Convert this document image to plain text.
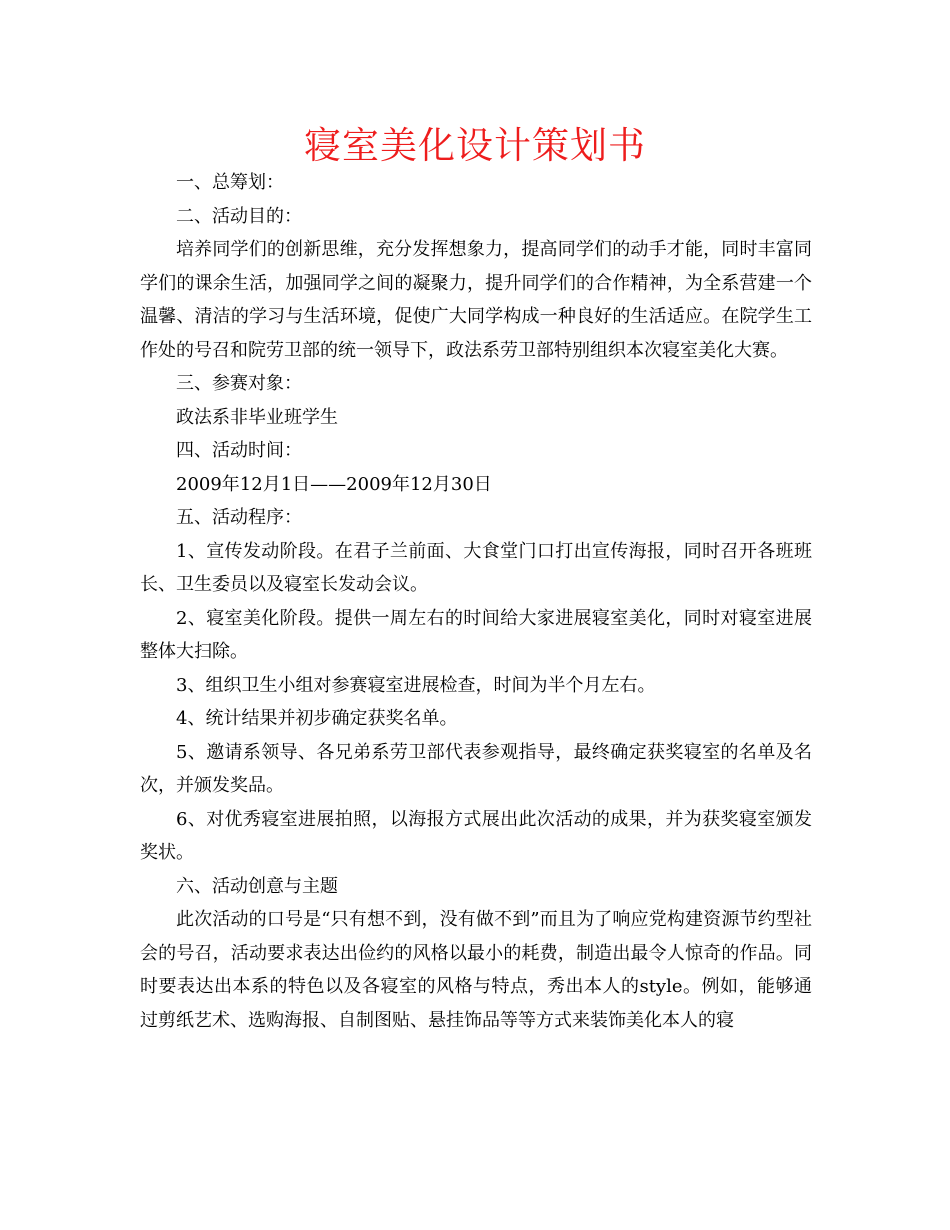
寝室美化设计策划书

一、总筹划：

二、活动目的：

培养同学们的创新思维，充分发挥想象力，提高同学们的动手才能，同时丰富同学们的课余生活，加强同学之间的凝聚力，提升同学们的合作精神，为全系营建一个温馨、清洁的学习与生活环境，促使广大同学构成一种良好的生活适应。在院学生工作处的号召和院劳卫部的统一领导下，政法系劳卫部特别组织本次寝室美化大赛。

三、参赛对象：

政法系非毕业班学生

四、活动时间：

2009年12月1日——2009年12月30日

五、活动程序：

1、宣传发动阶段。在君子兰前面、大食堂门口打出宣传海报，同时召开各班班长、卫生委员以及寝室长发动会议。

2、寝室美化阶段。提供一周左右的时间给大家进展寝室美化，同时对寝室进展整体大扫除。

3、组织卫生小组对参赛寝室进展检查，时间为半个月左右。

4、统计结果并初步确定获奖名单。

5、邀请系领导、各兄弟系劳卫部代表参观指导，最终确定获奖寝室的名单及名次，并颁发奖品。

6、对优秀寝室进展拍照，以海报方式展出此次活动的成果，并为获奖寝室颁发奖状。

六、活动创意与主题

此次活动的口号是“只有想不到，没有做不到”而且为了响应党构建资源节约型社会的号召，活动要求表达出俭约的风格以最小的耗费，制造出最令人惊奇的作品。同时要表达出本系的特色以及各寝室的风格与特点，秀出本人的style。例如，能够通过剪纸艺术、选购海报、自制图贴、悬挂饰品等等方式来装饰美化本人的寝
